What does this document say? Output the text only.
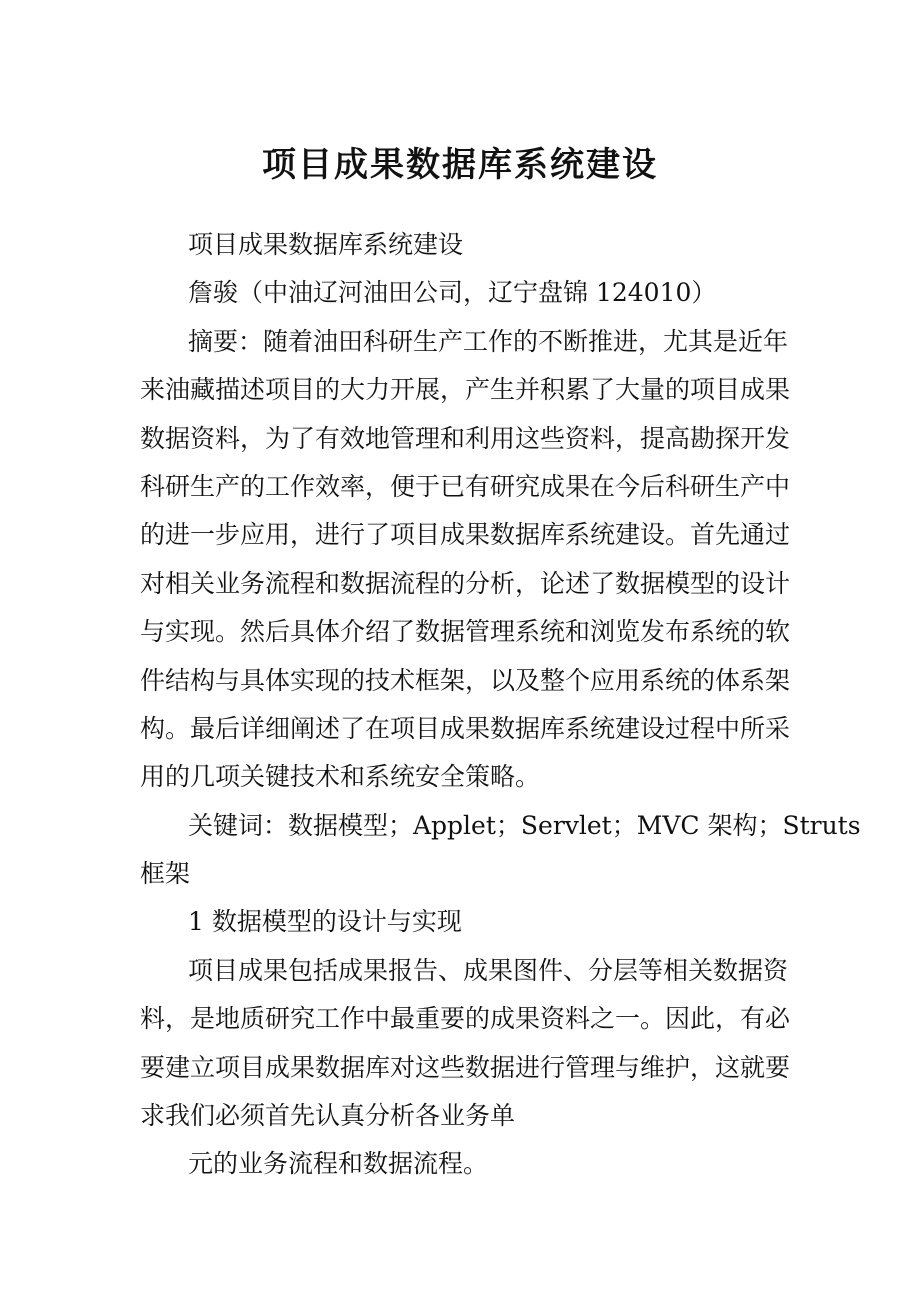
项目成果数据库系统建设
项目成果数据库系统建设
詹骏（中油辽河油田公司，辽宁盘锦 124010）
摘要：随着油田科研生产工作的不断推进，尤其是近年
来油藏描述项目的大力开展，产生并积累了大量的项目成果
数据资料，为了有效地管理和利用这些资料，提高勘探开发
科研生产的工作效率，便于已有研究成果在今后科研生产中
的进一步应用，进行了项目成果数据库系统建设。首先通过
对相关业务流程和数据流程的分析，论述了数据模型的设计
与实现。然后具体介绍了数据管理系统和浏览发布系统的软
件结构与具体实现的技术框架，以及整个应用系统的体系架
构。最后详细阐述了在项目成果数据库系统建设过程中所采
用的几项关键技术和系统安全策略。
关键词：数据模型；Applet；Servlet；MVC 架构；Struts
框架
1 数据模型的设计与实现
项目成果包括成果报告、成果图件、分层等相关数据资
料，是地质研究工作中最重要的成果资料之一。因此，有必
要建立项目成果数据库对这些数据进行管理与维护，这就要
求我们必须首先认真分析各业务单
元的业务流程和数据流程。
